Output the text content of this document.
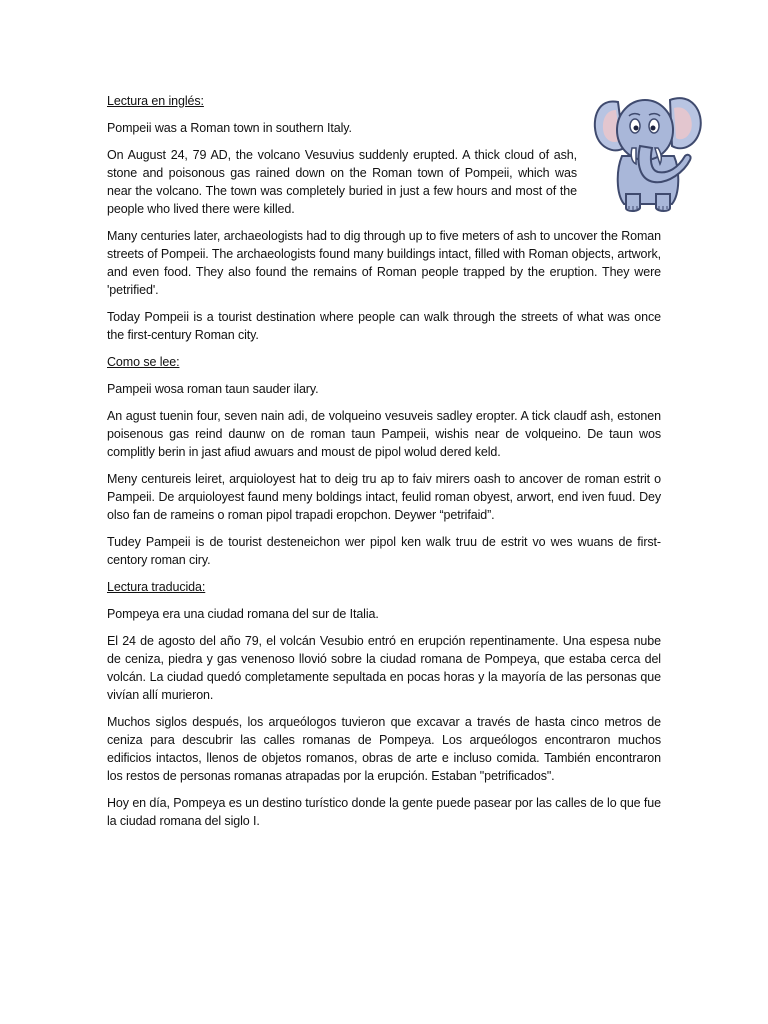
Lectura en inglés:

Pompeii was a Roman town in southern Italy.

On August 24, 79 AD, the volcano Vesuvius suddenly erupted. A thick cloud of ash, stone and poisonous gas rained down on the Roman town of Pompeii, which was near the volcano. The town was completely buried in just a few hours and most of the people who lived there were killed.

Many centuries later, archaeologists had to dig through up to five meters of ash to uncover the Roman streets of Pompeii. The archaeologists found many buildings intact, filled with Roman objects, artwork, and even food. They also found the remains of Roman people trapped by the eruption. They were 'petrified'.

Today Pompeii is a tourist destination where people can walk through the streets of what was once the first-century Roman city.

Como se lee:

Pampeii wosa roman taun sauder ilary.

An agust tuenin four, seven nain adi, de volqueino vesuveis sadley eropter. A tick claudf ash, estonen poisenous gas reind daunw on de roman taun Pampeii, wishis near de volqueino. De taun wos complitly berin in jast afiud awuars and moust de pipol wolud dered keld.

Meny centureis leiret, arquioloyest hat to deig tru ap to faiv mirers oash to ancover de roman estrit o Pampeii. De arquioloyest faund meny boldings intact, feulid roman obyest, arwort, end iven fuud. Dey olso fan de rameins o roman pipol trapadi eropchon. Deywer “petrifaid”.

Tudey Pampeii is de tourist desteneichon wer pipol ken walk truu de estrit vo wes wuans de first-centory roman ciry.

Lectura traducida:

Pompeya era una ciudad romana del sur de Italia.

El 24 de agosto del año 79, el volcán Vesubio entró en erupción repentinamente. Una espesa nube de ceniza, piedra y gas venenoso llovió sobre la ciudad romana de Pompeya, que estaba cerca del volcán. La ciudad quedó completamente sepultada en pocas horas y la mayoría de las personas que vivían allí murieron.

Muchos siglos después, los arqueólogos tuvieron que excavar a través de hasta cinco metros de ceniza para descubrir las calles romanas de Pompeya. Los arqueólogos encontraron muchos edificios intactos, llenos de objetos romanos, obras de arte e incluso comida. También encontraron los restos de personas romanas atrapadas por la erupción. Estaban "petrificados".

Hoy en día, Pompeya es un destino turístico donde la gente puede pasear por las calles de lo que fue la ciudad romana del siglo I.
